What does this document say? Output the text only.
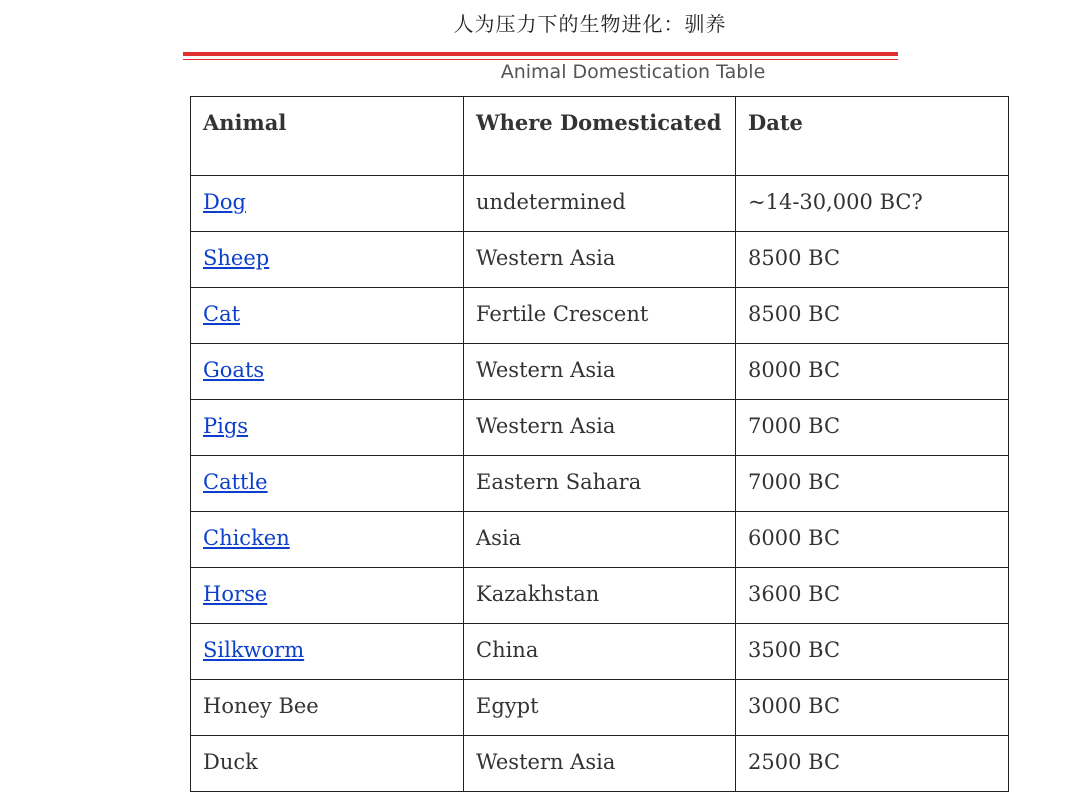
人为压力下的生物进化：驯养
Animal Domestication Table
Animal	Where Domesticated	Date
Dog	undetermined	~14-30,000 BC?
Sheep	Western Asia	8500 BC
Cat	Fertile Crescent	8500 BC
Goats	Western Asia	8000 BC
Pigs	Western Asia	7000 BC
Cattle	Eastern Sahara	7000 BC
Chicken	Asia	6000 BC
Horse	Kazakhstan	3600 BC
Silkworm	China	3500 BC
Honey Bee	Egypt	3000 BC
Duck	Western Asia	2500 BC
